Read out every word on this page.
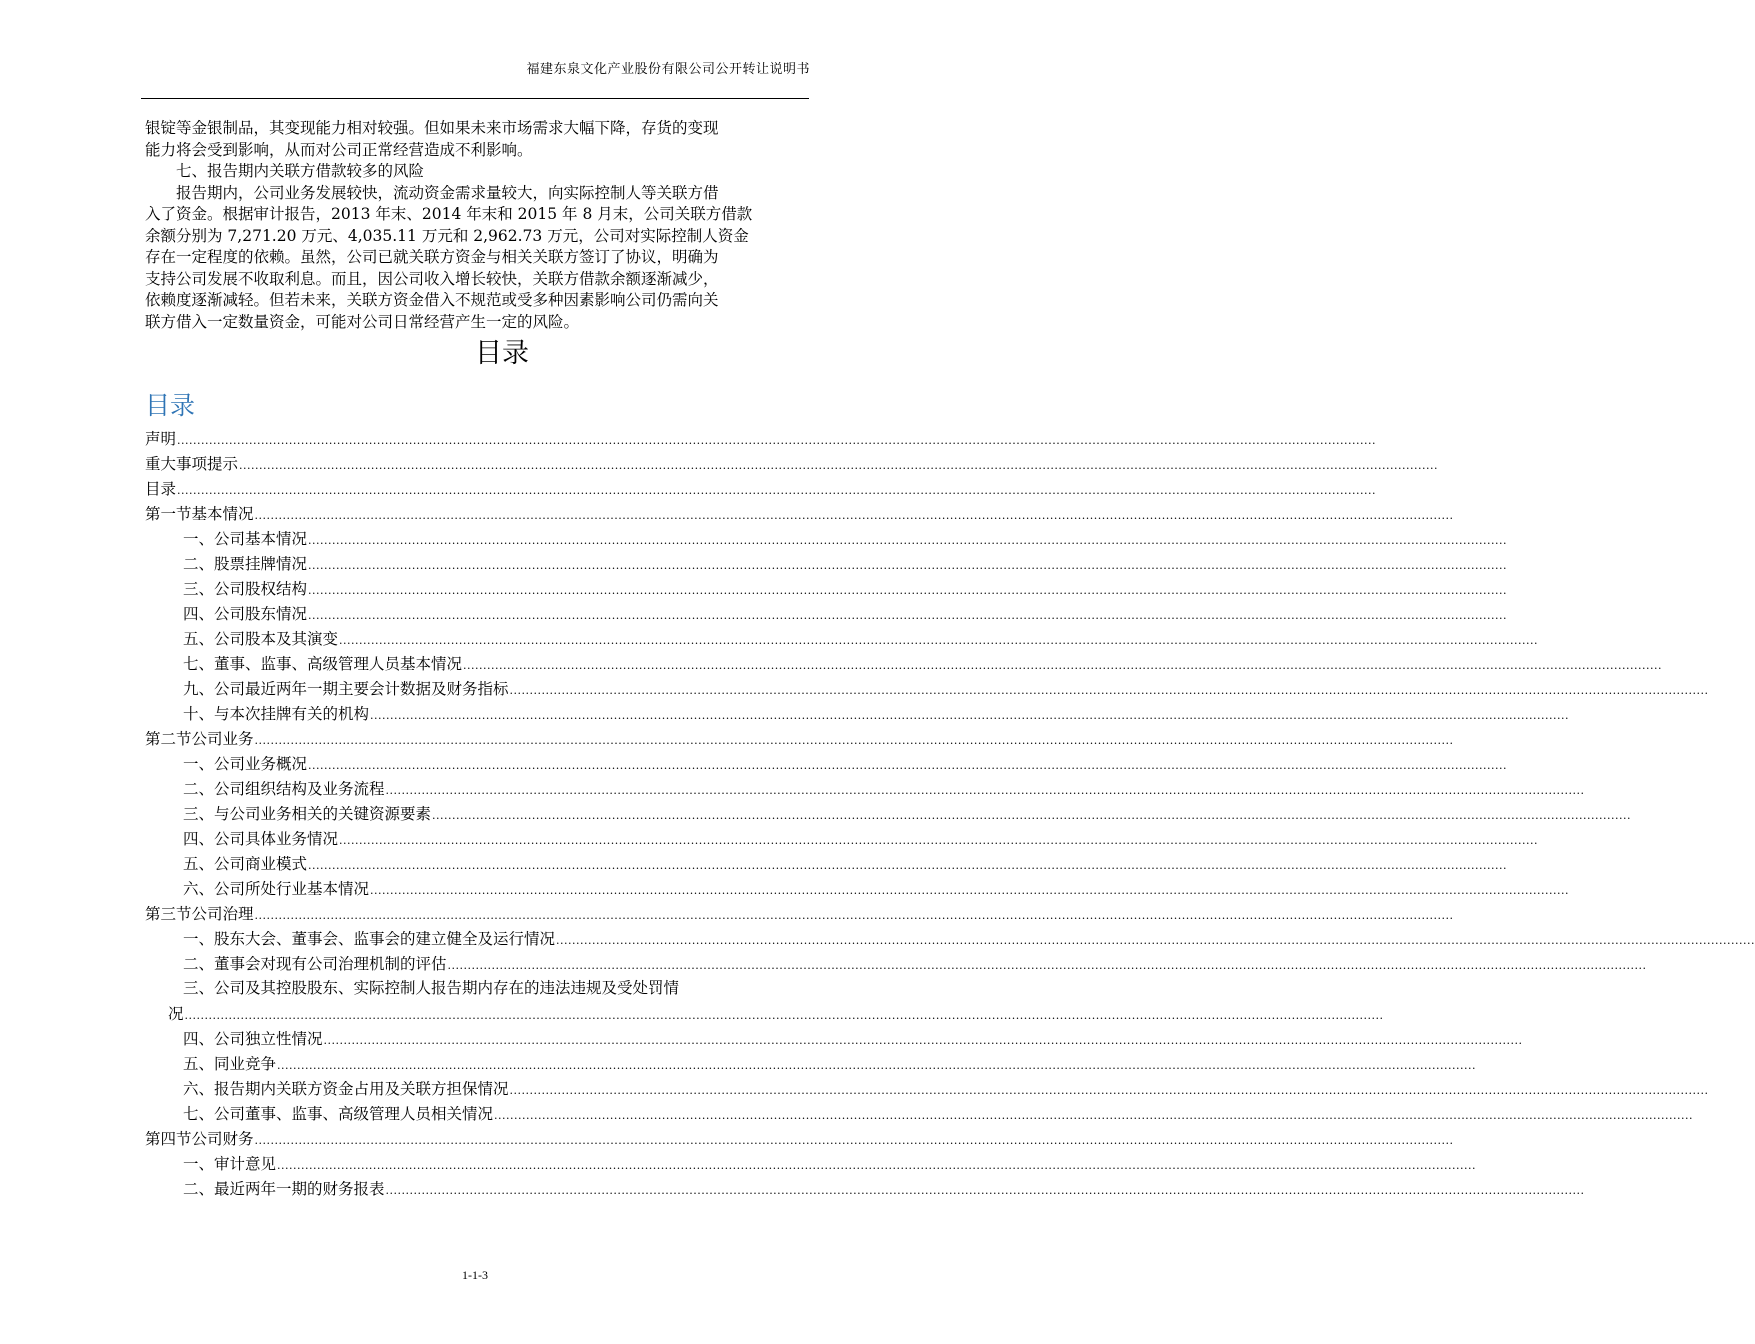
福建东泉文化产业股份有限公司公开转让说明书

银锭等金银制品，其变现能力相对较强。但如果未来市场需求大幅下降，存货的变现

能力将会受到影响，从而对公司正常经营造成不利影响。

七、报告期内关联方借款较多的风险

报告期内，公司业务发展较快，流动资金需求量较大，向实际控制人等关联方借

入了资金。根据审计报告，2013 年末、2014 年末和 2015 年 8 月末，公司关联方借款

余额分别为 7,271.20 万元、4,035.11 万元和 2,962.73 万元，公司对实际控制人资金

存在一定程度的依赖。虽然，公司已就关联方资金与相关关联方签订了协议，明确为

支持公司发展不收取利息。而且，因公司收入增长较快，关联方借款余额逐渐减少，

依赖度逐渐减轻。但若未来，关联方资金借入不规范或受多种因素影响公司仍需向关

联方借入一定数量资金，可能对公司日常经营产生一定的风险。

目录
目录
声明 ............................................................................................................................................................................................................................................................................................................
重大事项提示 ............................................................................................................................................................................................................................................................................................................
目录 ............................................................................................................................................................................................................................................................................................................
第一节基本情况 ............................................................................................................................................................................................................................................................................................................
一、公司基本情况 ............................................................................................................................................................................................................................................................................................................
二、股票挂牌情况 ............................................................................................................................................................................................................................................................................................................
三、公司股权结构 ............................................................................................................................................................................................................................................................................................................
四、公司股东情况 ............................................................................................................................................................................................................................................................................................................
五、公司股本及其演变 ............................................................................................................................................................................................................................................................................................................
七、董事、监事、高级管理人员基本情况 ............................................................................................................................................................................................................................................................................................................
九、公司最近两年一期主要会计数据及财务指标 ............................................................................................................................................................................................................................................................................................................
十、与本次挂牌有关的机构 ............................................................................................................................................................................................................................................................................................................
第二节公司业务 ............................................................................................................................................................................................................................................................................................................
一、公司业务概况 ............................................................................................................................................................................................................................................................................................................
二、公司组织结构及业务流程 ............................................................................................................................................................................................................................................................................................................
三、与公司业务相关的关键资源要素 ............................................................................................................................................................................................................................................................................................................
四、公司具体业务情况 ............................................................................................................................................................................................................................................................................................................
五、公司商业模式 ............................................................................................................................................................................................................................................................................................................
六、公司所处行业基本情况 ............................................................................................................................................................................................................................................................................................................
第三节公司治理 ............................................................................................................................................................................................................................................................................................................
一、股东大会、董事会、监事会的建立健全及运行情况 ............................................................................................................................................................................................................................................................................................................
二、董事会对现有公司治理机制的评估 ............................................................................................................................................................................................................................................................................................................
三、公司及其控股股东、实际控制人报告期内存在的违法违规及受处罚情
况 ............................................................................................................................................................................................................................................................................................................
四、公司独立性情况 ............................................................................................................................................................................................................................................................................................................
五、同业竞争 ............................................................................................................................................................................................................................................................................................................
六、报告期内关联方资金占用及关联方担保情况 ............................................................................................................................................................................................................................................................................................................
七、公司董事、监事、高级管理人员相关情况 ............................................................................................................................................................................................................................................................................................................
第四节公司财务 ............................................................................................................................................................................................................................................................................................................
一、审计意见 ............................................................................................................................................................................................................................................................................................................
二、最近两年一期的财务报表 ............................................................................................................................................................................................................................................................................................................
1-1-3
